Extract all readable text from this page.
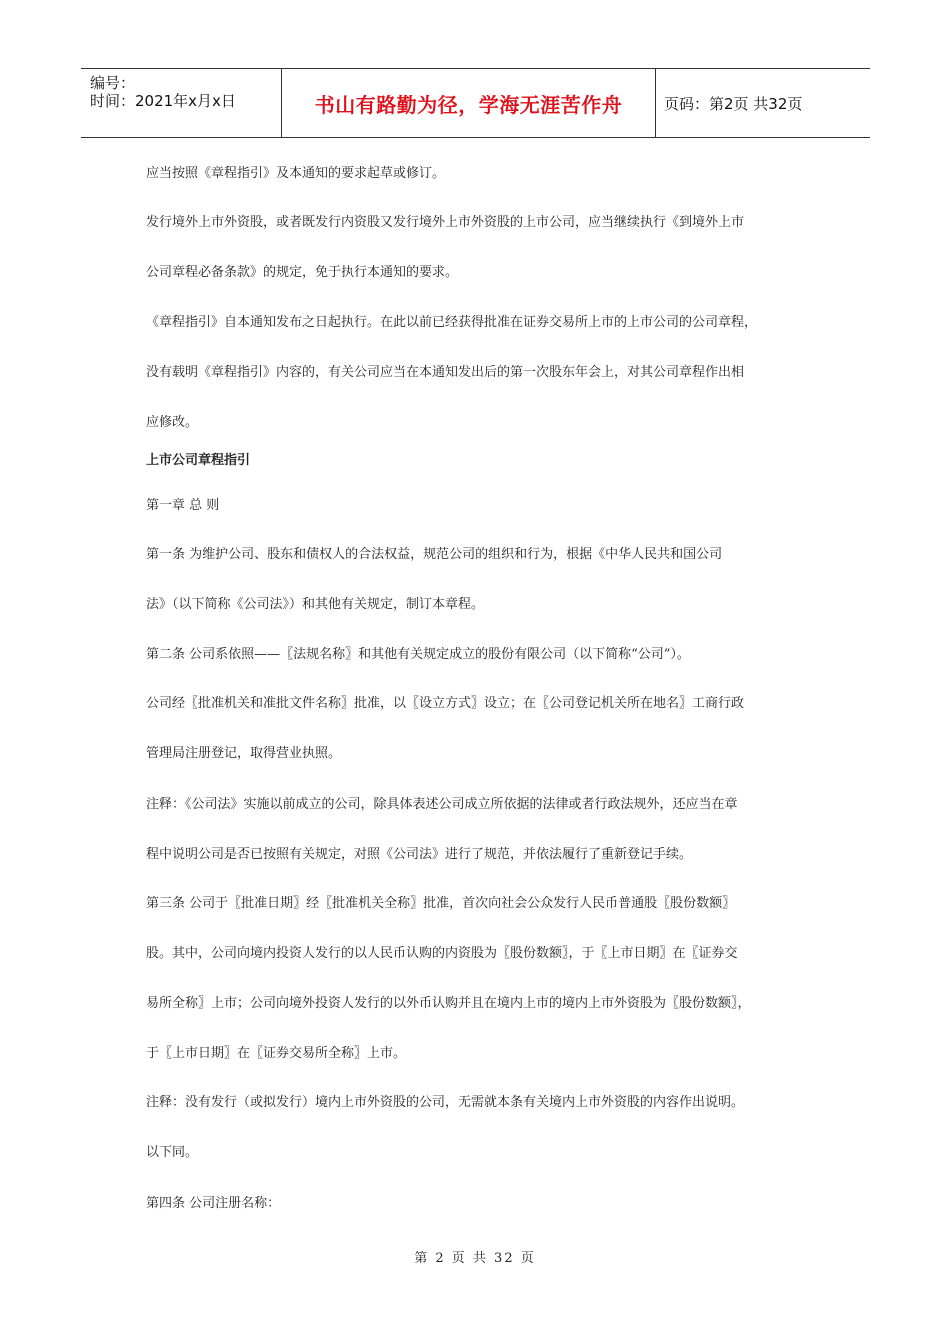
编号：
时间：2021年x月x日	书山有路勤为径，学海无涯苦作舟	页码：第2页 共32页
应当按照《章程指引》及本通知的要求起草或修订。
发行境外上市外资股，或者既发行内资股又发行境外上市外资股的上市公司，应当继续执行《到境外上市
公司章程必备条款》的规定，免于执行本通知的要求。
《章程指引》自本通知发布之日起执行。在此以前已经获得批准在证券交易所上市的上市公司的公司章程，
没有载明《章程指引》内容的，有关公司应当在本通知发出后的第一次股东年会上，对其公司章程作出相
应修改。
上市公司章程指引
第一章 总 则
第一条 为维护公司、股东和债权人的合法权益，规范公司的组织和行为，根据《中华人民共和国公司
法》（以下简称《公司法》）和其他有关规定，制订本章程。
第二条 公司系依照——〖法规名称〗和其他有关规定成立的股份有限公司（以下简称“公司”）。
公司经〖批准机关和准批文件名称〗批准，以〖设立方式〗设立；在〖公司登记机关所在地名〗工商行政
管理局注册登记，取得营业执照。
注释：《公司法》实施以前成立的公司，除具体表述公司成立所依据的法律或者行政法规外，还应当在章
程中说明公司是否已按照有关规定，对照《公司法》进行了规范，并依法履行了重新登记手续。
第三条 公司于〖批准日期〗经〖批准机关全称〗批准，首次向社会公众发行人民币普通股〖股份数额〗
股。其中，公司向境内投资人发行的以人民币认购的内资股为〖股份数额〗，于〖上市日期〗在〖证券交
易所全称〗上市；公司向境外投资人发行的以外币认购并且在境内上市的境内上市外资股为〖股份数额〗，
于〖上市日期〗在〖证券交易所全称〗上市。
注释：没有发行（或拟发行）境内上市外资股的公司，无需就本条有关境内上市外资股的内容作出说明。
以下同。
第四条 公司注册名称：
第 2 页 共 32 页
